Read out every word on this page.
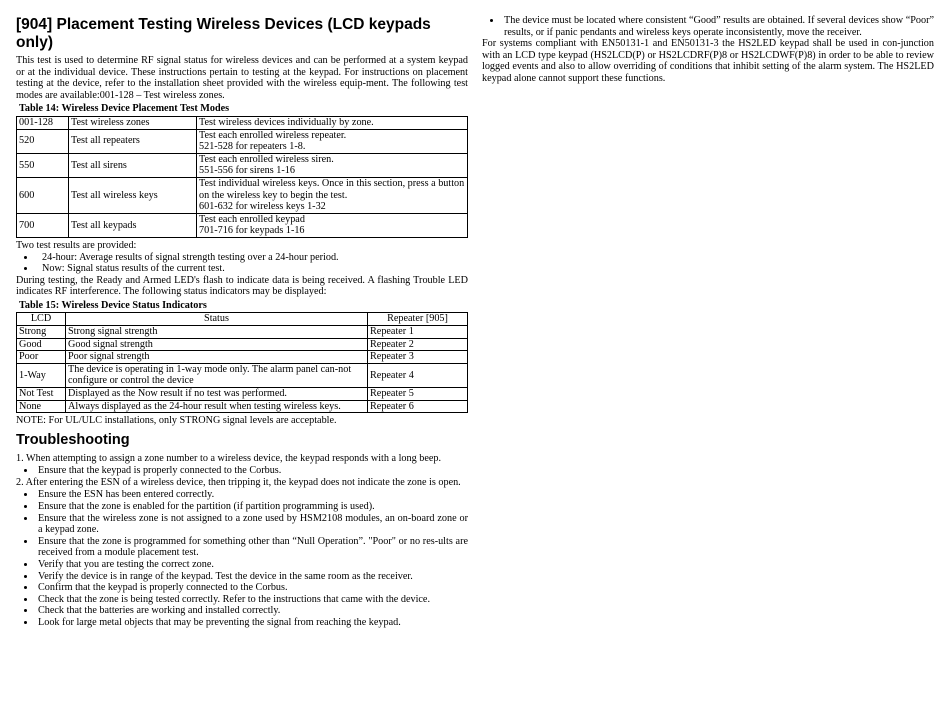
[904] Placement Testing Wireless Devices (LCD keypads only)

This test is used to determine RF signal status for wireless devices and can be performed at a system keypad or at the individual device. These instructions pertain to testing at the keypad. For instructions on placement testing at the device, refer to the installation sheet provided with the wireless equip-ment. The following test modes are available:001-128 – Test wireless zones.

Table 14: Wireless Device Placement Test Modes
001-128	Test wireless zones	Test wireless devices individually by zone.
520	Test all repeaters	Test each enrolled wireless repeater.
521-528 for repeaters 1-8.
550	Test all sirens	Test each enrolled wireless siren.
551-556 for sirens 1-16
600	Test all wireless keys	Test individual wireless keys. Once in this section, press a button on the wireless key to begin the test.
601-632 for wireless keys 1-32
700	Test all keypads	Test each enrolled keypad
701-716 for keypads 1-16

Two test results are provided:

• 24-hour: Average results of signal strength testing over a 24-hour period.
• Now: Signal status results of the current test.

During testing, the Ready and Armed LED's flash to indicate data is being received. A flashing Trouble LED indicates RF interference. The following status indicators may be displayed:

Table 15: Wireless Device Status Indicators
LCD	Status	Repeater [905]
Strong	Strong signal strength	Repeater 1
Good	Good signal strength	Repeater 2
Poor	Poor signal strength	Repeater 3
1-Way	The device is operating in 1-way mode only. The alarm panel can-not configure or control the device	Repeater 4
Not Test	Displayed as the Now result if no test was performed.	Repeater 5
None	Always displayed as the 24-hour result when testing wireless keys.	Repeater 6

NOTE: For UL/ULC installations, only STRONG signal levels are acceptable.

Troubleshooting

1. When attempting to assign a zone number to a wireless device, the keypad responds with a long beep.

• Ensure that the keypad is properly connected to the Corbus.

2. After entering the ESN of a wireless device, then tripping it, the keypad does not indicate the zone is open.

• Ensure the ESN has been entered correctly.
• Ensure that the zone is enabled for the partition (if partition programming is used).
• Ensure that the wireless zone is not assigned to a zone used by HSM2108 modules, an on-board zone or a keypad zone.
• Ensure that the zone is programmed for something other than “Null Operation”. "Poor" or no res-ults are received from a module placement test.
• Verify that you are testing the correct zone.
• Verify the device is in range of the keypad. Test the device in the same room as the receiver.
• Confirm that the keypad is properly connected to the Corbus.
• Check that the zone is being tested correctly. Refer to the instructions that came with the device.
• Check that the batteries are working and installed correctly.
• Look for large metal objects that may be preventing the signal from reaching the keypad.
• The device must be located where consistent “Good” results are obtained. If several devices show “Poor” results, or if panic pendants and wireless keys operate inconsistently, move the receiver.

For systems compliant with EN50131-1 and EN50131-3 the HS2LED keypad shall be used in con-junction with an LCD type keypad (HS2LCD(P) or HS2LCDRF(P)8 or HS2LCDWF(P)8) in order to be able to review logged events and also to allow overriding of conditions that inhibit setting of the alarm system. The HS2LED keypad alone cannot support these functions.
